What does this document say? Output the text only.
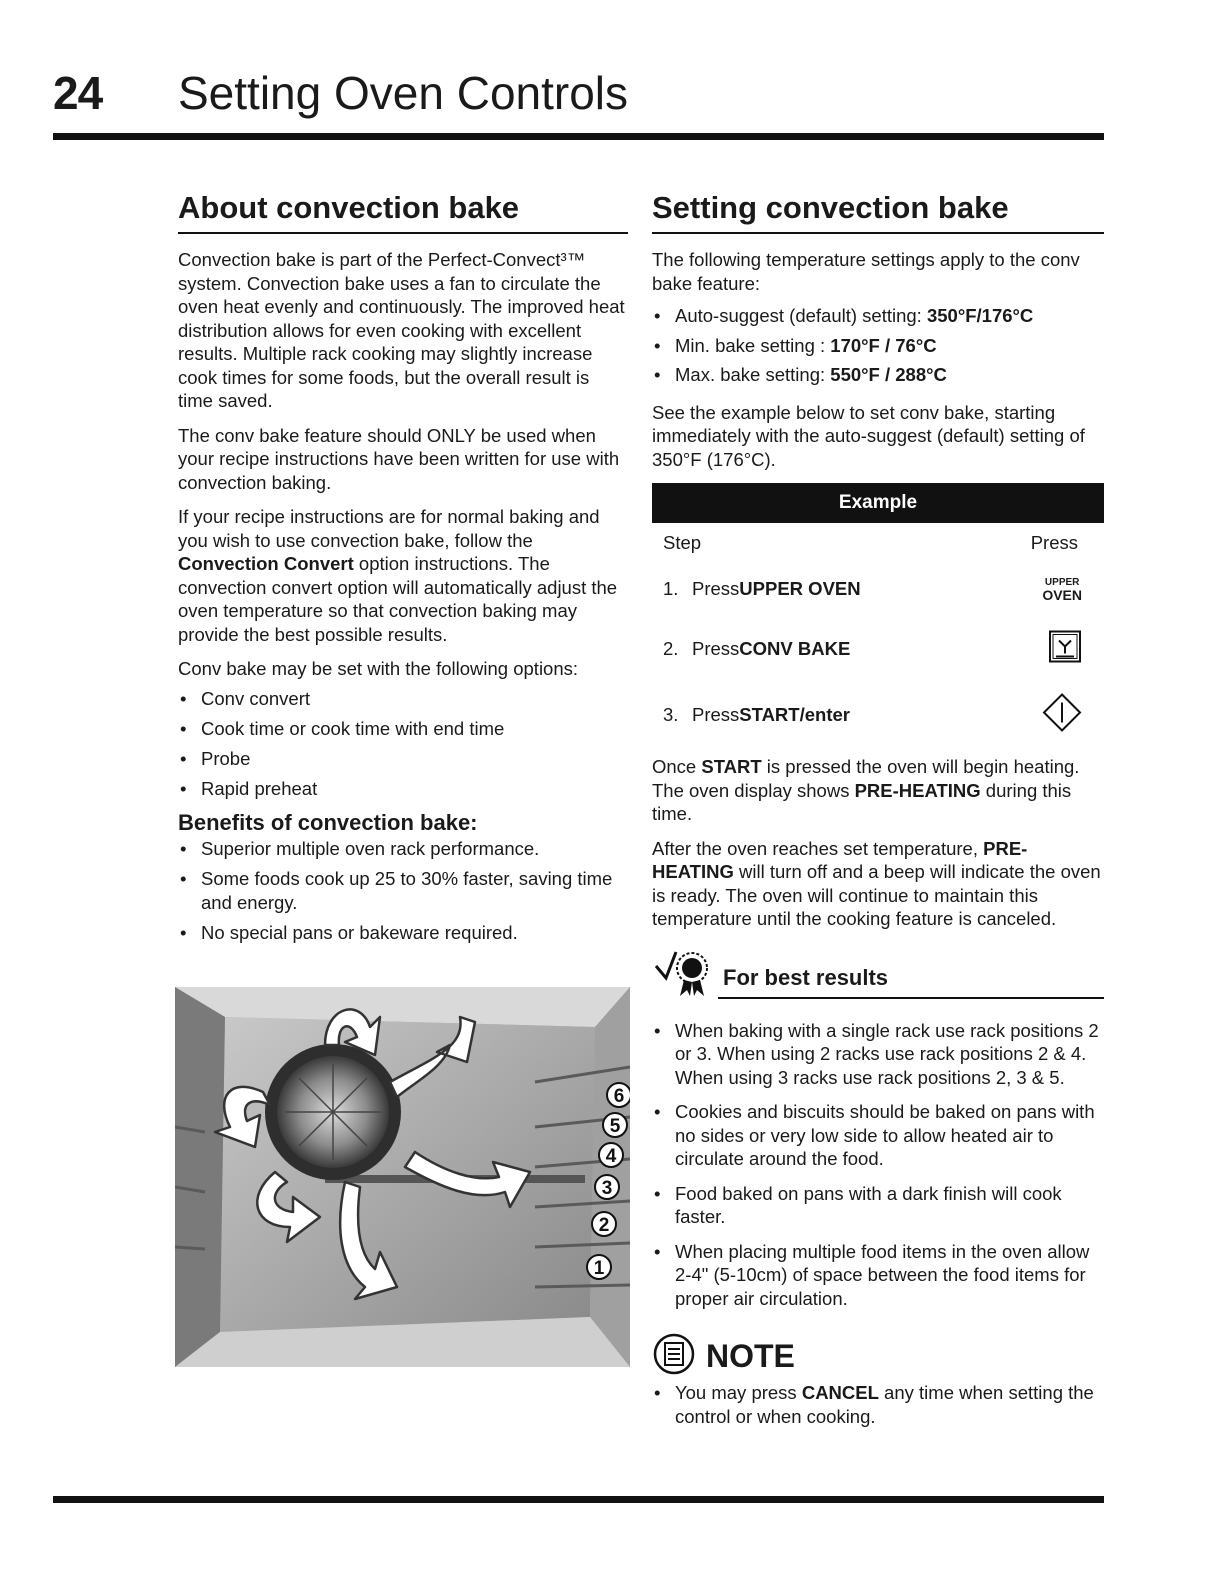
24 Setting Oven Controls
About convection bake

Convection bake is part of the Perfect-Convect³™ system. Convection bake uses a fan to circulate the oven heat evenly and continuously. The improved heat distribution allows for even cooking with excellent results. Multiple rack cooking may slightly increase cook times for some foods, but the overall result is time saved.

The conv bake feature should ONLY be used when your recipe instructions have been written for use with convection baking.

If your recipe instructions are for normal baking and you wish to use convection bake, follow the Convection Convert option instructions. The convection convert option will automatically adjust the oven temperature so that convection baking may provide the best possible results.

Conv bake may be set with the following options:

• Conv convert
• Cook time or cook time with end time
• Probe
• Rapid preheat
Benefits of convection bake:
• Superior multiple oven rack performance.
• Some foods cook up 25 to 30% faster, saving time and energy.
• No special pans or bakeware required.
6
5
4
3
2
1
Setting convection bake

The following temperature settings apply to the conv bake feature:

• Auto-suggest (default) setting: 350°F/176°C
• Min. bake setting : 170°F / 76°C
• Max. bake setting: 550°F / 288°C

See the example below to set conv bake, starting immediately with the auto-suggest (default) setting of 350°F (176°C).

Example
Step	Press
1. Press UPPER OVEN	UPPER
OVEN
2. Press CONV BAKE
3. Press START/enter

Once START is pressed the oven will begin heating. The oven display shows PRE-HEATING during this time.

After the oven reaches set temperature, PRE-HEATING will turn off and a beep will indicate the oven is ready. The oven will continue to maintain this temperature until the cooking feature is canceled.

For best results
• When baking with a single rack use rack positions 2 or 3. When using 2 racks use rack positions 2 & 4. When using 3 racks use rack positions 2, 3 & 5.
• Cookies and biscuits should be baked on pans with no sides or very low side to allow heated air to circulate around the food.
• Food baked on pans with a dark finish will cook faster.
• When placing multiple food items in the oven allow 2-4" (5-10cm) of space between the food items for proper air circulation.
NOTE
• You may press CANCEL any time when setting the control or when cooking.
